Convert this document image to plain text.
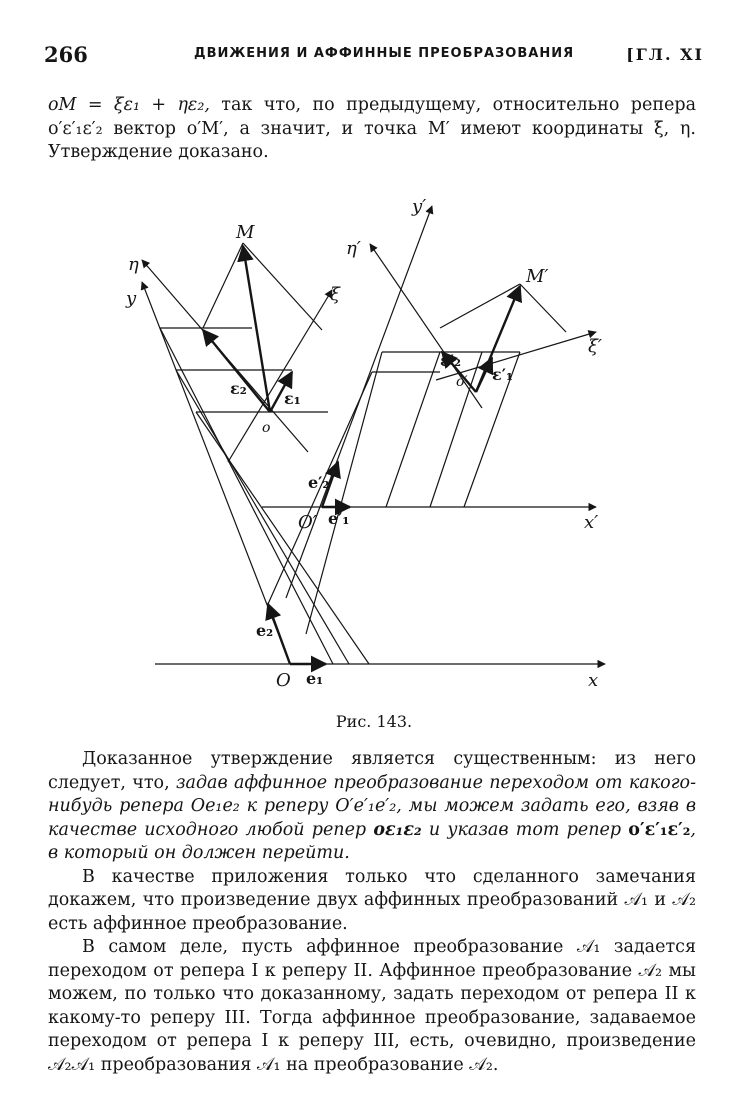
266	ДВИЖЕНИЯ И АФФИННЫЕ ПРЕОБРАЗОВАНИЯ	[ГЛ. XI

oM = ξε₁ + ηε₂, так что, по предыдущему, относительно репера o′ε′₁ε′₂ вектор o′M′, а значит, и точка M′ имеют координаты ξ, η. Утверждение доказано.

M
M′
η
η′
ξ
ξ′
y
y′
x
x′
O
O′
o
o′
e₁
e₂
e′₁
e′₂
ε₁
ε₂
ε′₁
ε′₂
Рис. 143.

Доказанное утверждение является существенным: из него следует, что, задав аффинное преобразование переходом от какого-нибудь репера Oe₁e₂ к реперу O′e′₁e′₂, мы можем задать его, взяв в качестве исходного любой репер oε₁ε₂ и указав тот репер o′ε′₁ε′₂, в который он должен перейти.

В качестве приложения только что сделанного замечания докажем, что произведение двух аффинных преобразований 𝒜₁ и 𝒜₂ есть аффинное преобразование.

В самом деле, пусть аффинное преобразование 𝒜₁ задается переходом от репера I к реперу II. Аффинное преобразование 𝒜₂ мы можем, по только что доказанному, задать переходом от репера II к какому-то реперу III. Тогда аффинное преобразование, задаваемое переходом от репера I к реперу III, есть, очевидно, произведение 𝒜₂𝒜₁ преобразования 𝒜₁ на преобразование 𝒜₂.
